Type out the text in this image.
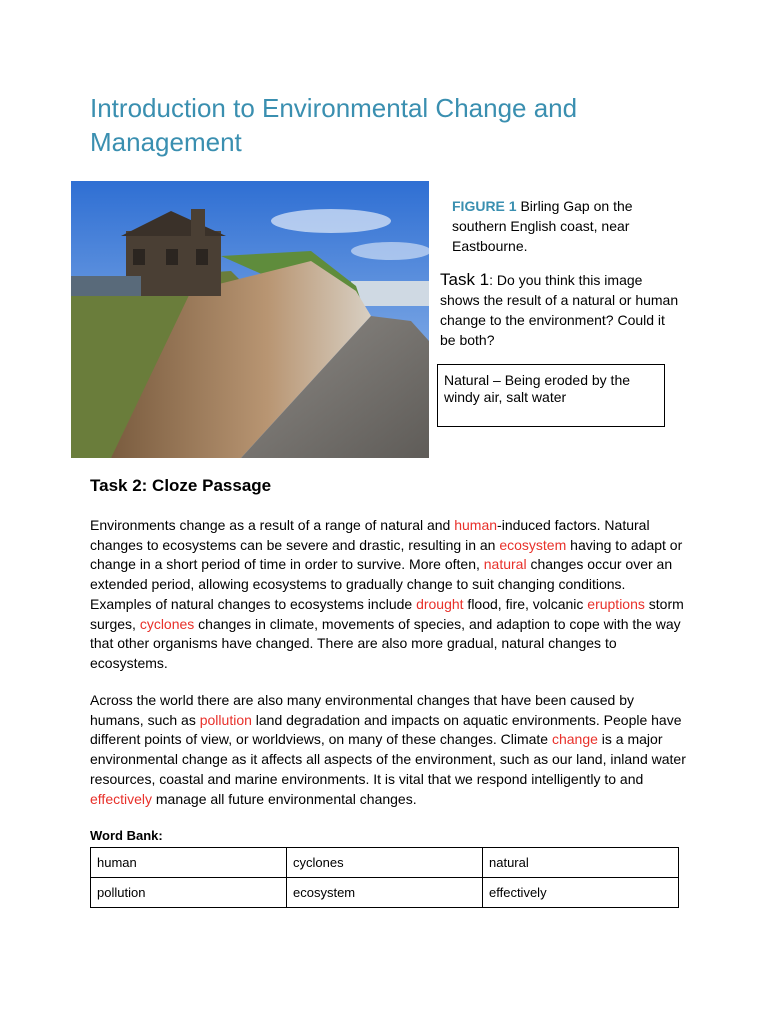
Introduction to Environmental Change and Management
FIGURE 1 Birling Gap on the southern English coast, near Eastbourne.
Task 1: Do you think this image shows the result of a natural or human change to the environment? Could it be both?
Natural – Being eroded by the windy air, salt water
Task 2: Cloze Passage

Environments change as a result of a range of natural and human-induced factors. Natural changes to ecosystems can be severe and drastic, resulting in an ecosystem having to adapt or change in a short period of time in order to survive. More often, natural changes occur over an extended period, allowing ecosystems to gradually change to suit changing conditions. Examples of natural changes to ecosystems include drought flood, fire, volcanic eruptions storm surges, cyclones changes in climate, movements of species, and adaption to cope with the way that other organisms have changed. There are also more gradual, natural changes to ecosystems.

Across the world there are also many environmental changes that have been caused by humans, such as pollution land degradation and impacts on aquatic environments. People have different points of view, or worldviews, on many of these changes. Climate change is a major environmental change as it affects all aspects of the environment, such as our land, inland water resources, coastal and marine environments. It is vital that we respond intelligently to and effectively manage all future environmental changes.

Word Bank:
human	cyclones	natural
pollution	ecosystem	effectively
